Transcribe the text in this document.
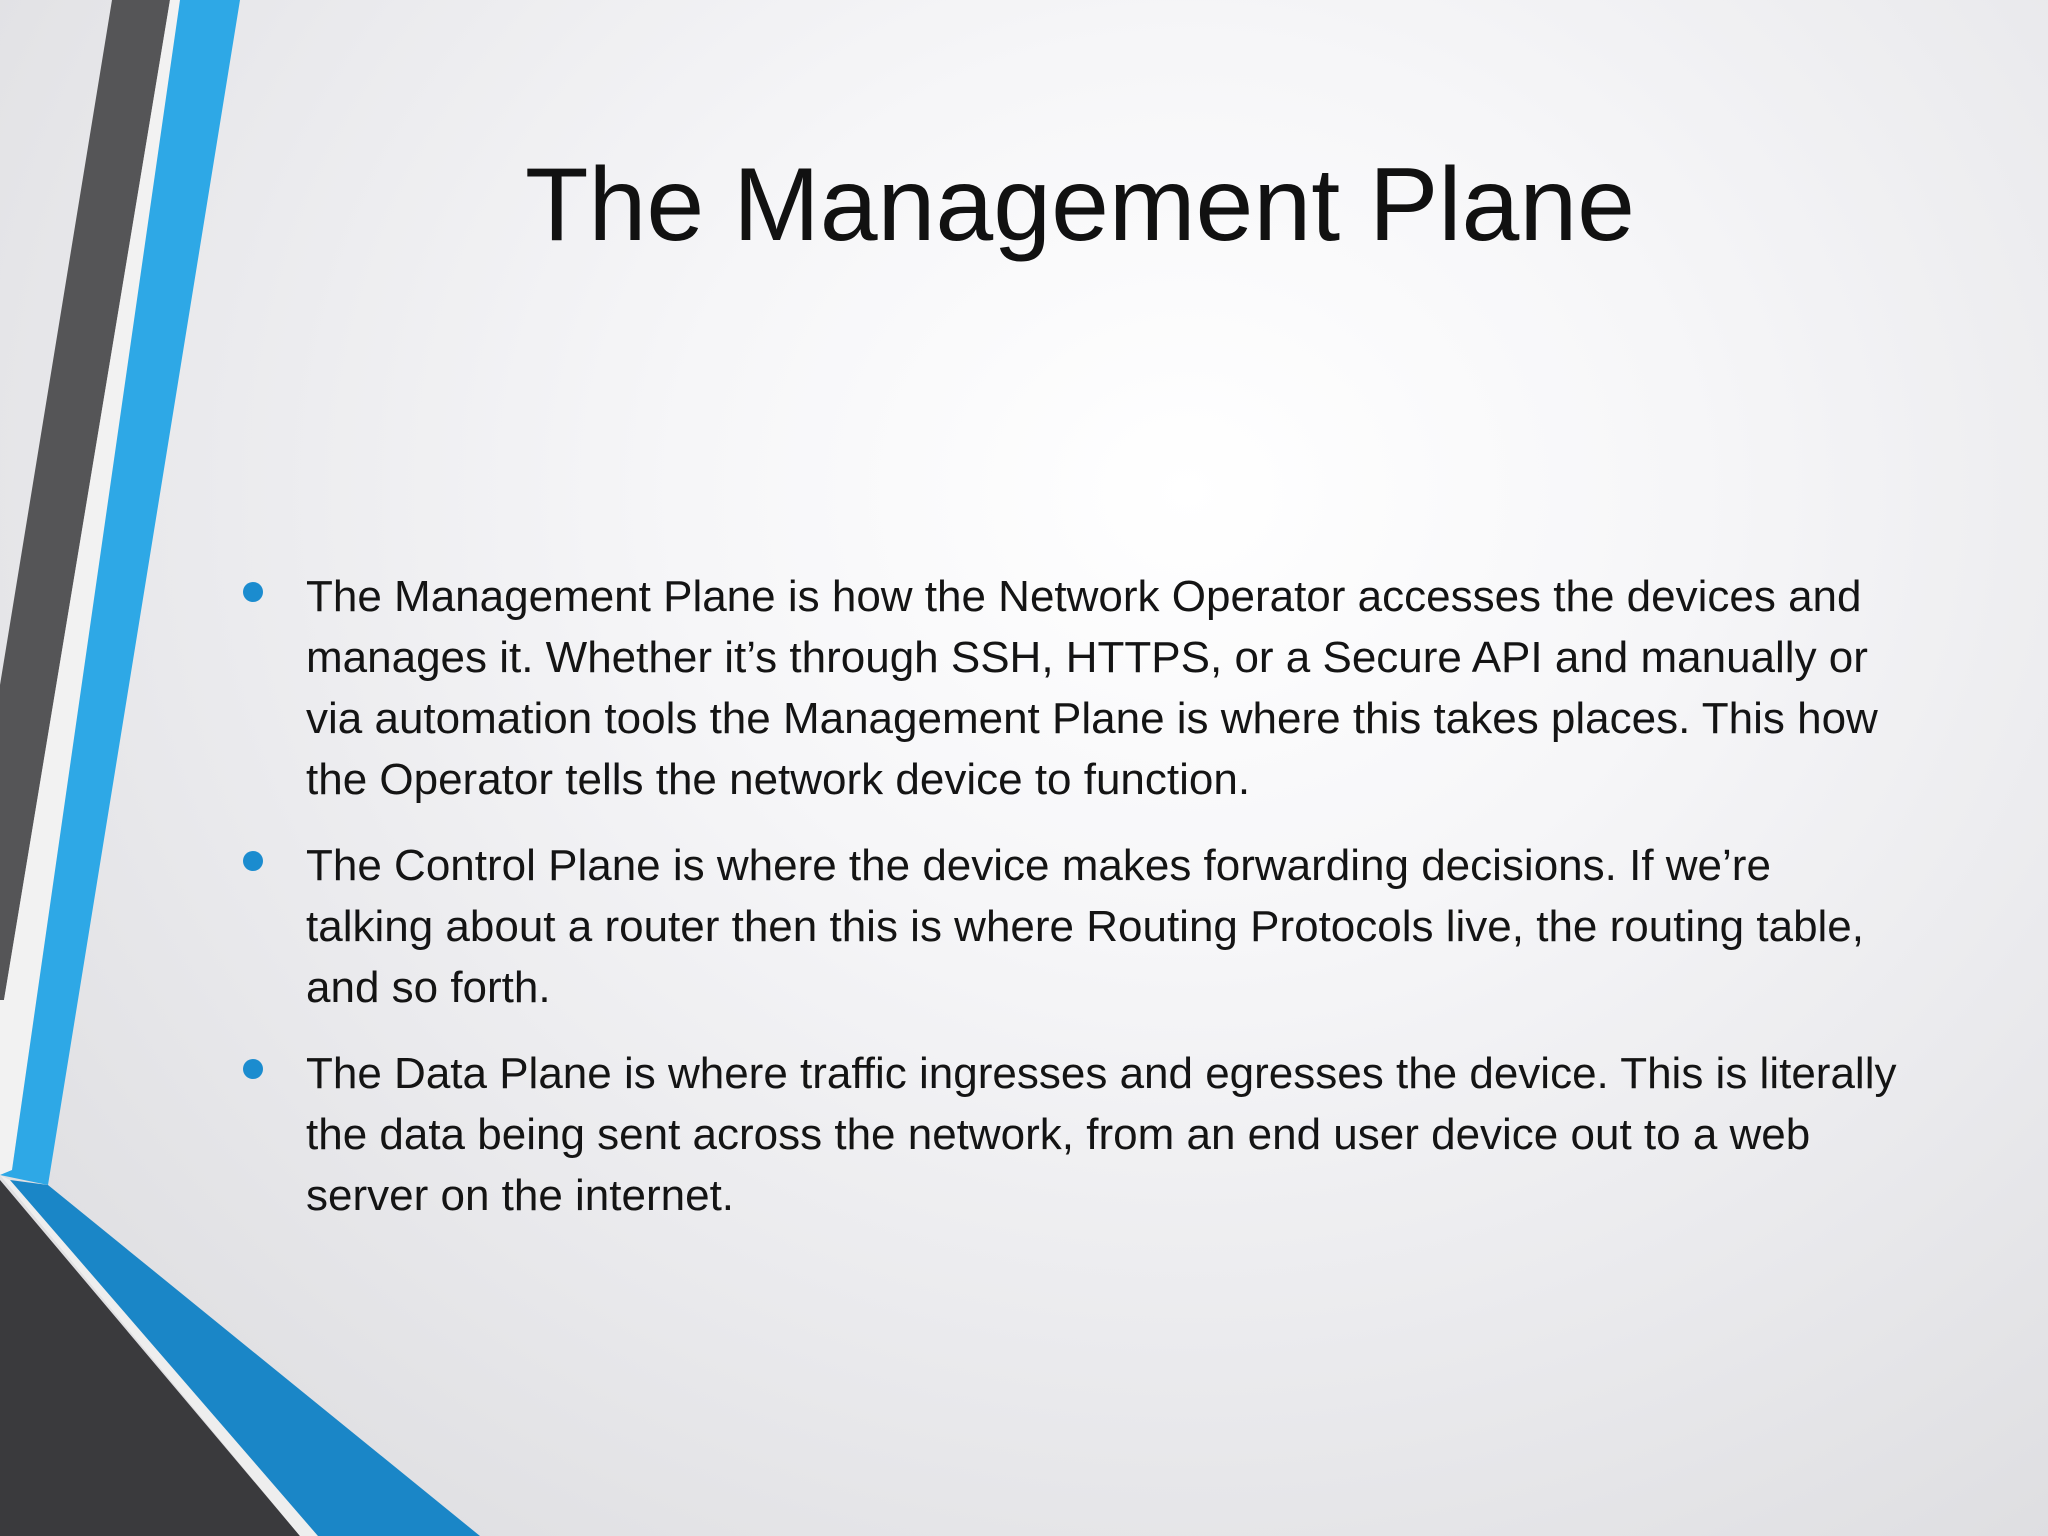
The Management Plane
The Management Plane is how the Network Operator accesses the devices and manages it. Whether it’s through SSH, HTTPS, or a Secure API and manually or via automation tools the Management Plane is where this takes places. This how the Operator tells the network device to function.
The Control Plane is where the device makes forwarding decisions. If we’re talking about a router then this is where Routing Protocols live, the routing table, and so forth.
The Data Plane is where traffic ingresses and egresses the device. This is literally the data being sent across the network, from an end user device out to a web server on the internet.
